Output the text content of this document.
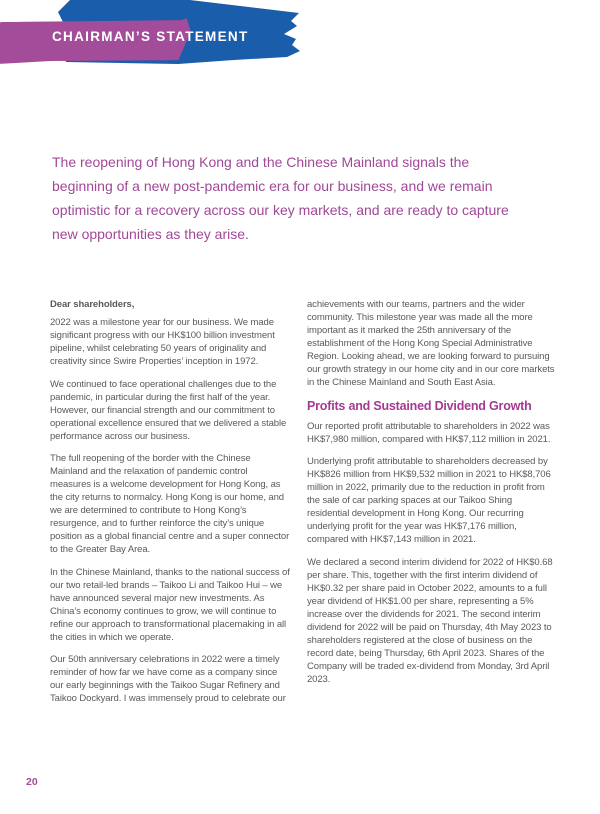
CHAIRMAN’S STATEMENT

The reopening of Hong Kong and the Chinese Mainland signals the beginning of a new post-pandemic era for our business, and we remain optimistic for a recovery across our key markets, and are ready to capture new opportunities as they arise.

Dear shareholders,

2022 was a milestone year for our business. We made significant progress with our HK$100 billion investment pipeline, whilst celebrating 50 years of originality and creativity since Swire Properties’ inception in 1972.

We continued to face operational challenges due to the pandemic, in particular during the first half of the year. However, our financial strength and our commitment to operational excellence ensured that we delivered a stable performance across our business.

The full reopening of the border with the Chinese Mainland and the relaxation of pandemic control measures is a welcome development for Hong Kong, as the city returns to normalcy. Hong Kong is our home, and we are determined to contribute to Hong Kong’s resurgence, and to further reinforce the city’s unique position as a global financial centre and a super connector to the Greater Bay Area.

In the Chinese Mainland, thanks to the national success of our two retail-led brands – Taikoo Li and Taikoo Hui – we have announced several major new investments. As China’s economy continues to grow, we will continue to refine our approach to transformational placemaking in all the cities in which we operate.

Our 50th anniversary celebrations in 2022 were a timely reminder of how far we have come as a company since our early beginnings with the Taikoo Sugar Refinery and Taikoo Dockyard. I was immensely proud to celebrate our

achievements with our teams, partners and the wider community. This milestone year was made all the more important as it marked the 25th anniversary of the establishment of the Hong Kong Special Administrative Region. Looking ahead, we are looking forward to pursuing our growth strategy in our home city and in our core markets in the Chinese Mainland and South East Asia.

Profits and Sustained Dividend Growth

Our reported profit attributable to shareholders in 2022 was HK$7,980 million, compared with HK$7,112 million in 2021.

Underlying profit attributable to shareholders decreased by HK$826 million from HK$9,532 million in 2021 to HK$8,706 million in 2022, primarily due to the reduction in profit from the sale of car parking spaces at our Taikoo Shing residential development in Hong Kong. Our recurring underlying profit for the year was HK$7,176 million, compared with HK$7,143 million in 2021.

We declared a second interim dividend for 2022 of HK$0.68 per share. This, together with the first interim dividend of HK$0.32 per share paid in October 2022, amounts to a full year dividend of HK$1.00 per share, representing a 5% increase over the dividends for 2021. The second interim dividend for 2022 will be paid on Thursday, 4th May 2023 to shareholders registered at the close of business on the record date, being Thursday, 6th April 2023. Shares of the Company will be traded ex-dividend from Monday, 3rd April 2023.

20
